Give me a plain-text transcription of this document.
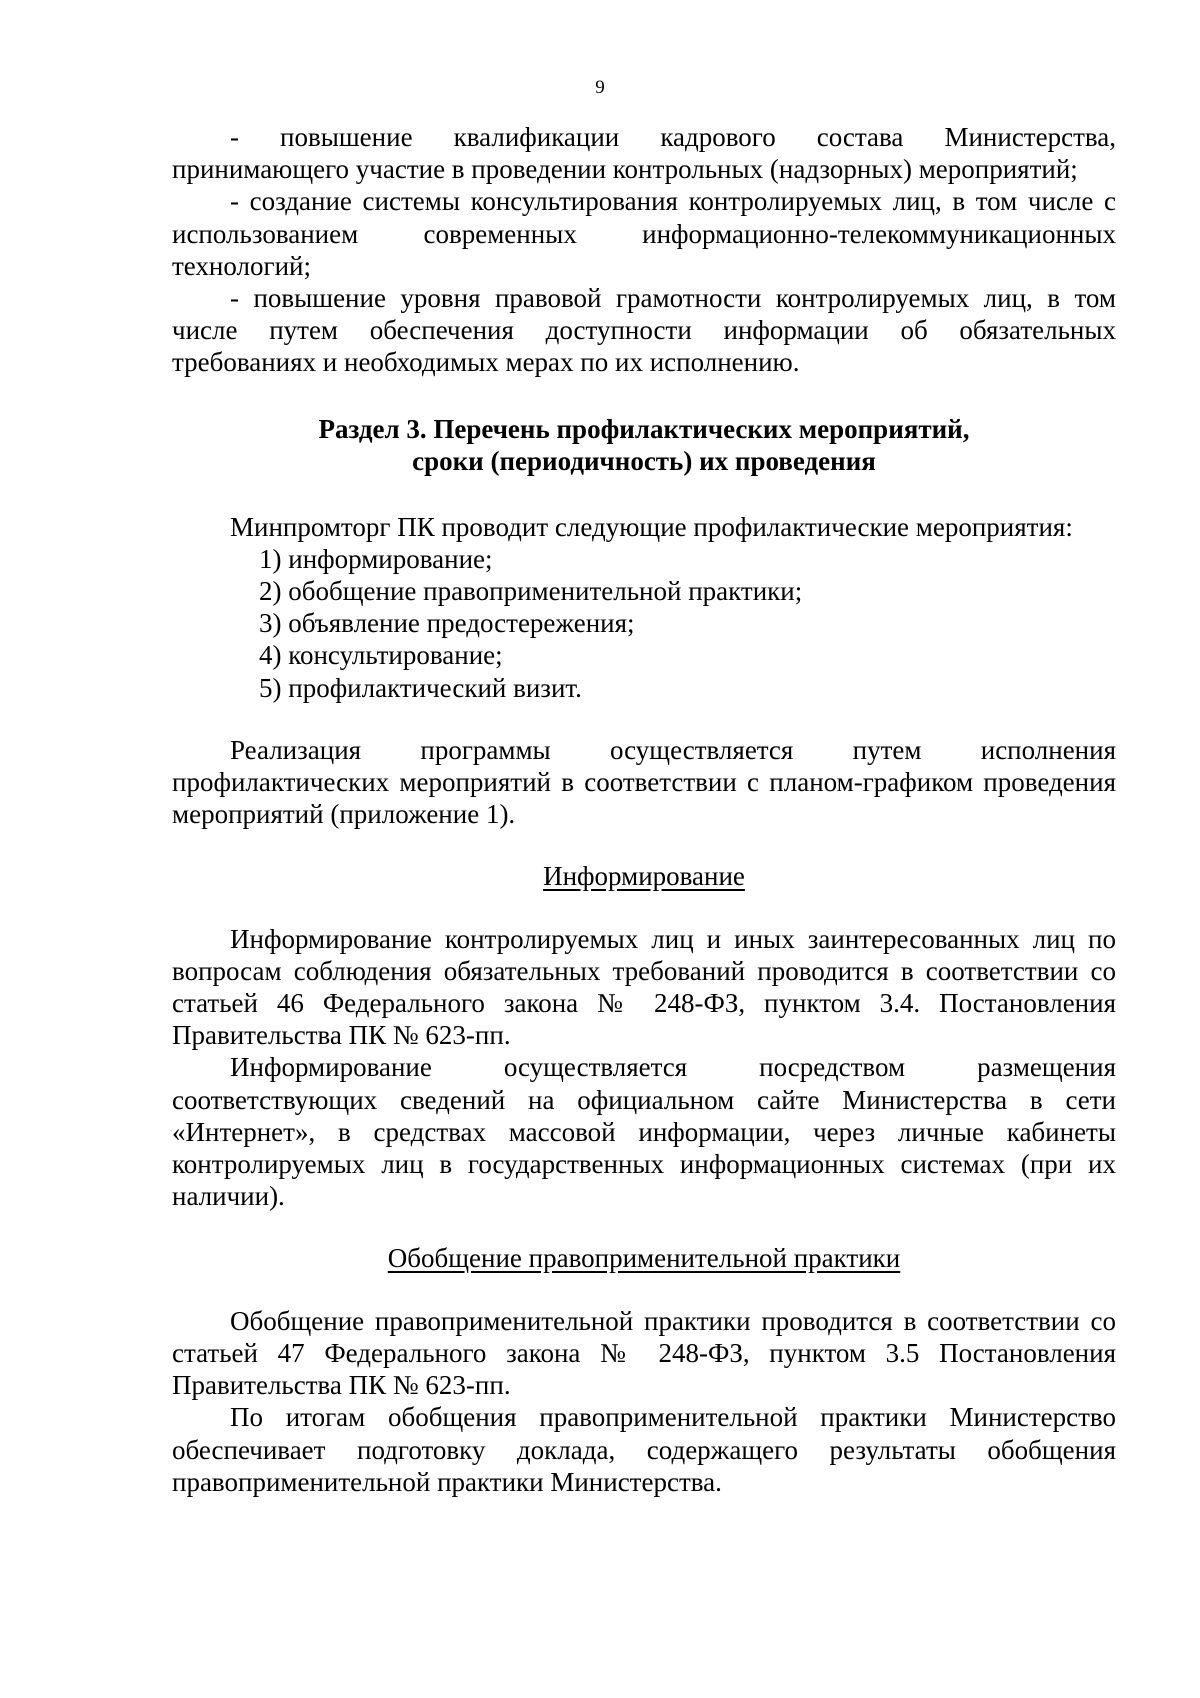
9

- повышение квалификации кадрового состава Министерства, принимающего участие в проведении контрольных (надзорных) мероприятий;

- создание системы консультирования контролируемых лиц, в том числе с использованием современных информационно-телекоммуникационных технологий;

- повышение уровня правовой грамотности контролируемых лиц, в том числе путем обеспечения доступности информации об обязательных требованиях и необходимых мерах по их исполнению.

Раздел 3. Перечень профилактических мероприятий,
сроки (периодичность) их проведения

Минпромторг ПК проводит следующие профилактические мероприятия:

1) информирование;
2) обобщение правоприменительной практики;
3) объявление предостережения;
4) консультирование;
5) профилактический визит.

Реализация программы осуществляется путем исполнения профилактических мероприятий в соответствии с планом-графиком проведения мероприятий (приложение 1).

Информирование

Информирование контролируемых лиц и иных заинтересованных лиц по вопросам соблюдения обязательных требований проводится в соответствии со статьей 46 Федерального закона № 248-ФЗ, пунктом 3.4. Постановления Правительства ПК № 623-пп.

Информирование осуществляется посредством размещения соответствующих сведений на официальном сайте Министерства в сети «Интернет», в средствах массовой информации, через личные кабинеты контролируемых лиц в государственных информационных системах (при их наличии).

Обобщение правоприменительной практики

Обобщение правоприменительной практики проводится в соответствии со статьей 47 Федерального закона № 248-ФЗ, пунктом 3.5 Постановления Правительства ПК № 623-пп.

По итогам обобщения правоприменительной практики Министерство обеспечивает подготовку доклада, содержащего результаты обобщения правоприменительной практики Министерства.
